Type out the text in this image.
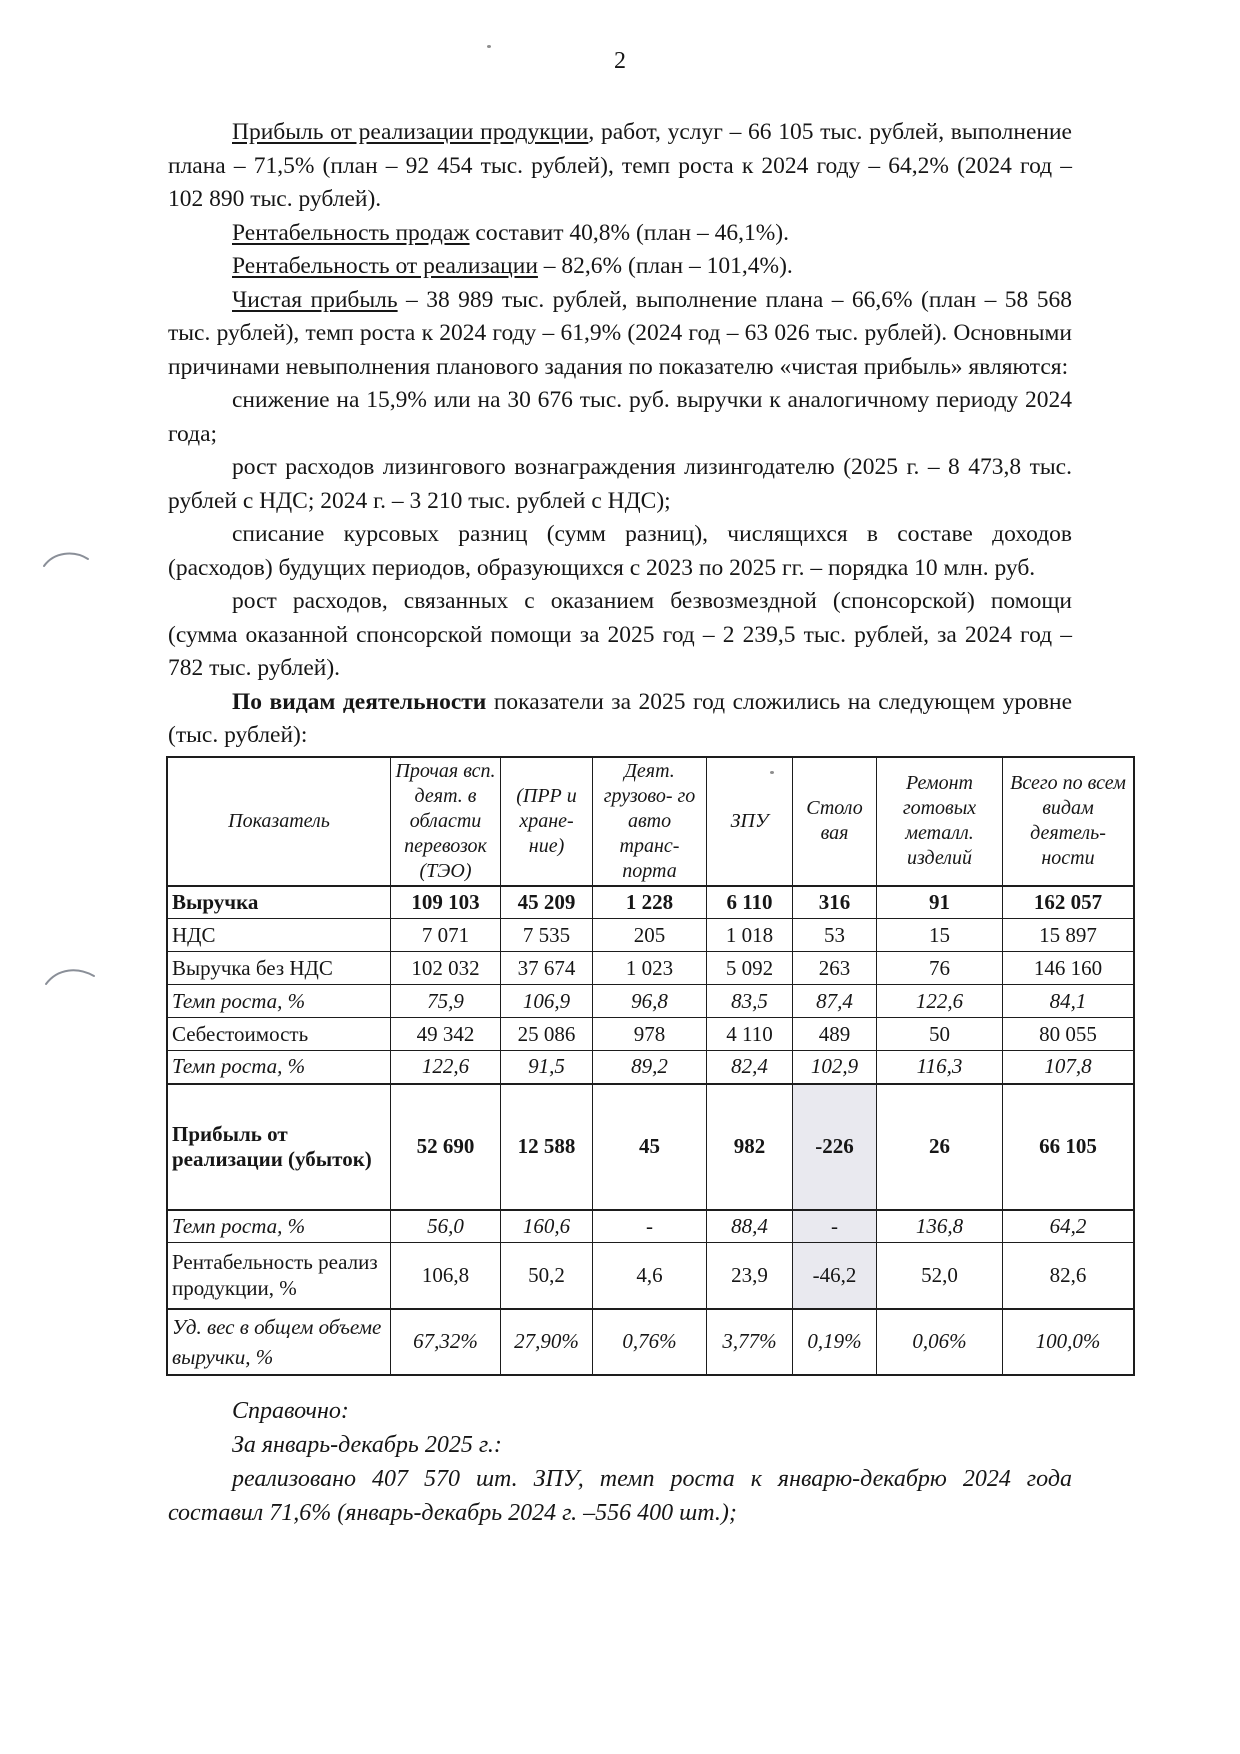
2

Прибыль от реализации продукции, работ, услуг – 66 105 тыс. рублей, выполнение плана – 71,5% (план – 92 454 тыс. рублей), темп роста к 2024 году – 64,2% (2024 год – 102 890 тыс. рублей).

Рентабельность продаж составит 40,8% (план – 46,1%).

Рентабельность от реализации – 82,6% (план – 101,4%).

Чистая прибыль – 38 989 тыс. рублей, выполнение плана – 66,6% (план – 58 568 тыс. рублей), темп роста к 2024 году – 61,9% (2024 год – 63 026 тыс. рублей). Основными причинами невыполнения планового задания по показателю «чистая прибыль» являются:

снижение на 15,9% или на 30 676 тыс. руб. выручки к аналогичному периоду 2024 года;

рост расходов лизингового вознаграждения лизингодателю (2025 г. – 8 473,8 тыс. рублей с НДС; 2024 г. – 3 210 тыс. рублей с НДС);

списание курсовых разниц (сумм разниц), числящихся в составе доходов (расходов) будущих периодов, образующихся с 2023 по 2025 гг. – порядка 10 млн. руб.

рост расходов, связанных с оказанием безвозмездной (спонсорской) помощи (сумма оказанной спонсорской помощи за 2025 год – 2 239,5 тыс. рублей, за 2024 год – 782 тыс. рублей).

По видам деятельности показатели за 2025 год сложились на следующем уровне (тыс. рублей):

Показатель	Прочая всп. деят. в области перевозок (ТЭО)	(ПРР и хране- ние)	Деят. грузово- го авто транс- порта	ЗПУ	Столо вая	Ремонт готовых металл. изделий	Всего по всем видам деятель- ности
Выручка	109 103	45 209	1 228	6 110	316	91	162 057
НДС	7 071	7 535	205	1 018	53	15	15 897
Выручка без НДС	102 032	37 674	1 023	5 092	263	76	146 160
Темп роста, %	75,9	106,9	96,8	83,5	87,4	122,6	84,1
Себестоимость	49 342	25 086	978	4 110	489	50	80 055
Темп роста, %	122,6	91,5	89,2	82,4	102,9	116,3	107,8
Прибыль от реализации (убыток)	52 690	12 588	45	982	-226	26	66 105
Темп роста, %	56,0	160,6	-	88,4	-	136,8	64,2
Рентабельность реализ продукции, %	106,8	50,2	4,6	23,9	-46,2	52,0	82,6
Уд. вес в общем объеме выручки, %	67,32%	27,90%	0,76%	3,77%	0,19%	0,06%	100,0%

Справочно:

За январь-декабрь 2025 г.:

реализовано 407 570 шт. ЗПУ, темп роста к январю-декабрю 2024 года составил 71,6% (январь-декабрь 2024 г. –556 400 шт.);
